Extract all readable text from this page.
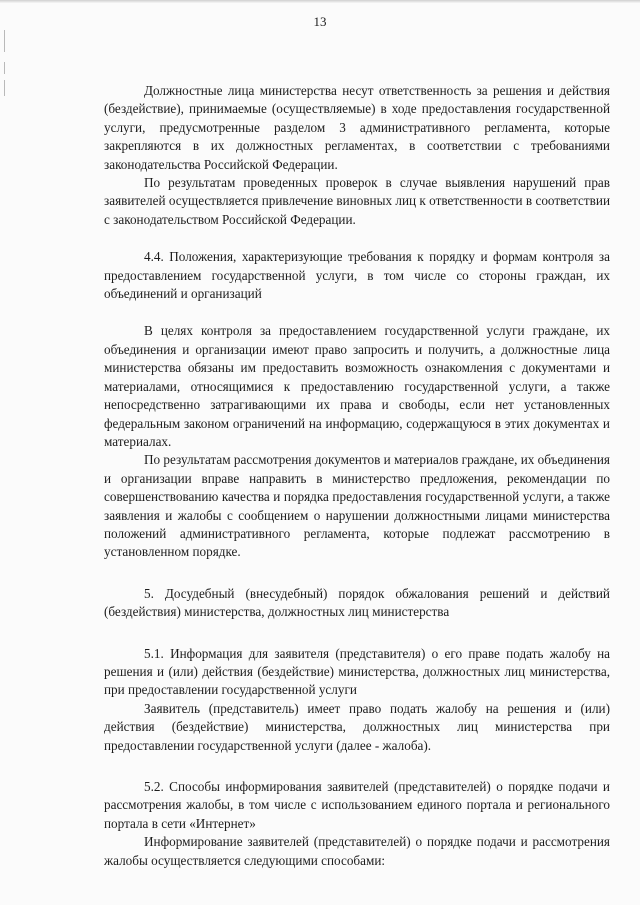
13

Должностные лица министерства несут ответственность за решения и действия (бездействие), принимаемые (осуществляемые) в ходе предоставления государственной услуги, предусмотренные разделом 3 административного регламента, которые закрепляются в их должностных регламентах, в соответствии с требованиями законодательства Российской Федерации.

По результатам проведенных проверок в случае выявления нарушений прав заявителей осуществляется привлечение виновных лиц к ответственности в соответствии с законодательством Российской Федерации.

4.4. Положения, характеризующие требования к порядку и формам контроля за предоставлением государственной услуги, в том числе со стороны граждан, их объединений и организаций

В целях контроля за предоставлением государственной услуги граждане, их объединения и организации имеют право запросить и получить, а должностные лица министерства обязаны им предоставить возможность ознакомления с документами и материалами, относящимися к предоставлению государственной услуги, а также непосредственно затрагивающими их права и свободы, если нет установленных федеральным законом ограничений на информацию, содержащуюся в этих документах и материалах.

По результатам рассмотрения документов и материалов граждане, их объединения и организации вправе направить в министерство предложения, рекомендации по совершенствованию качества и порядка предоставления государственной услуги, а также заявления и жалобы с сообщением о нарушении должностными лицами министерства положений административного регламента, которые подлежат рассмотрению в установленном порядке.

5. Досудебный (внесудебный) порядок обжалования решений и действий (бездействия) министерства, должностных лиц министерства

5.1. Информация для заявителя (представителя) о его праве подать жалобу на решения и (или) действия (бездействие) министерства, должностных лиц министерства, при предоставлении государственной услуги

Заявитель (представитель) имеет право подать жалобу на решения и (или) действия (бездействие) министерства, должностных лиц министерства при предоставлении государственной услуги (далее - жалоба).

5.2. Способы информирования заявителей (представителей) о порядке подачи и рассмотрения жалобы, в том числе с использованием единого портала и регионального портала в сети «Интернет»

Информирование заявителей (представителей) о порядке подачи и рассмотрения жалобы осуществляется следующими способами:
